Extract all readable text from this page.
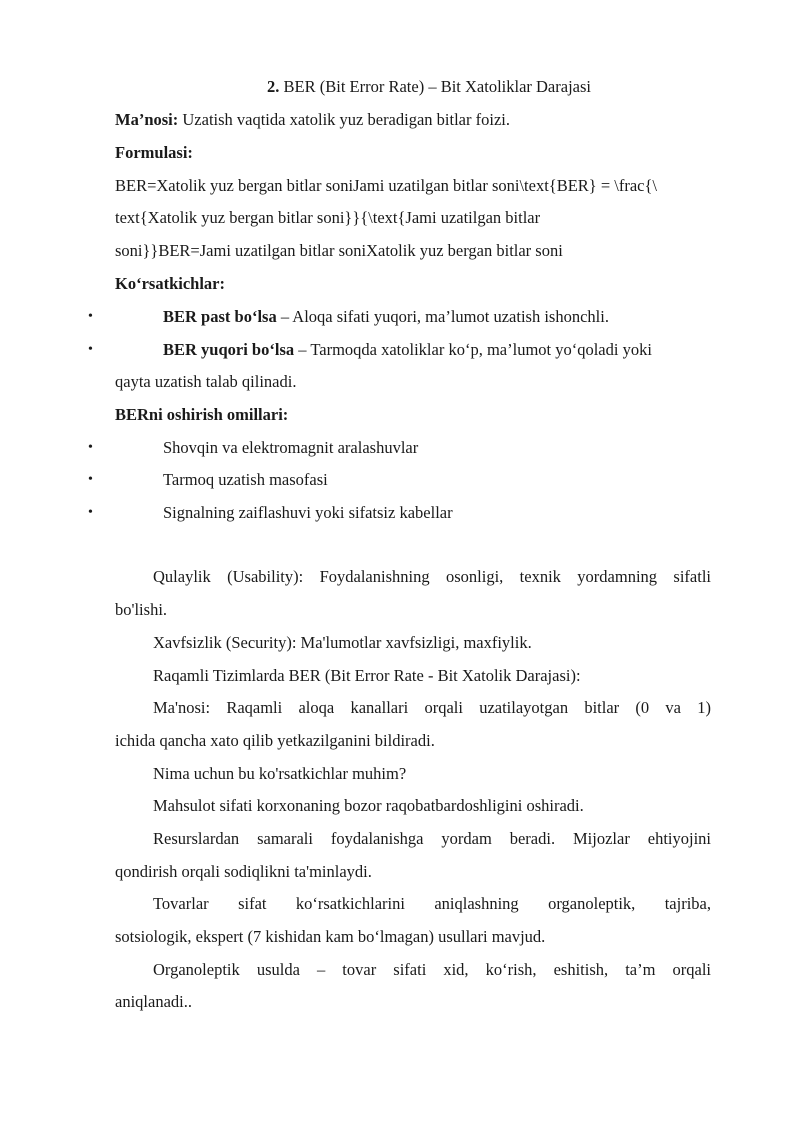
2. BER (Bit Error Rate) – Bit Xatoliklar Darajasi
Ma’nosi: Uzatish vaqtida xatolik yuz beradigan bitlar foizi.
Formulasi:
BER=Xatolik yuz bergan bitlar soniJami uzatilgan bitlar soni\text{BER} = \frac{\
text{Xatolik yuz bergan bitlar soni}}{\text{Jami uzatilgan bitlar
soni}}BER=Jami uzatilgan bitlar soniXatolik yuz bergan bitlar soni
Ko‘rsatkichlar:
•	BER past bo‘lsa – Aloqa sifati yuqori, ma’lumot uzatish ishonchli.
•	BER yuqori bo‘lsa – Tarmoqda xatoliklar ko‘p, ma’lumot yo‘qoladi yoki
qayta uzatish talab qilinadi.
BERni oshirish omillari:
•	Shovqin va elektromagnit aralashuvlar
•	Tarmoq uzatish masofasi
•	Signalning zaiflashuvi yoki sifatsiz kabellar
Qulaylik (Usability): Foydalanishning osonligi, texnik yordamning sifatli
bo'lishi.
Xavfsizlik (Security): Ma'lumotlar xavfsizligi, maxfiylik.
Raqamli Tizimlarda BER (Bit Error Rate - Bit Xatolik Darajasi):
Ma'nosi: Raqamli aloqa kanallari orqali uzatilayotgan bitlar (0 va 1)
ichida qancha xato qilib yetkazilganini bildiradi.
Nima uchun bu ko'rsatkichlar muhim?
Mahsulot sifati korxonaning bozor raqobatbardoshligini oshiradi.
Resurslardan samarali foydalanishga yordam beradi. Mijozlar ehtiyojini
qondirish orqali sodiqlikni ta'minlaydi.
Tovarlar sifat ko‘rsatkichlarini aniqlashning organoleptik, tajriba,
sotsiologik, ekspert (7 kishidan kam bo‘lmagan) usullari mavjud.
Organoleptik usulda – tovar sifati xid, ko‘rish, eshitish, ta’m orqali
aniqlanadi..
